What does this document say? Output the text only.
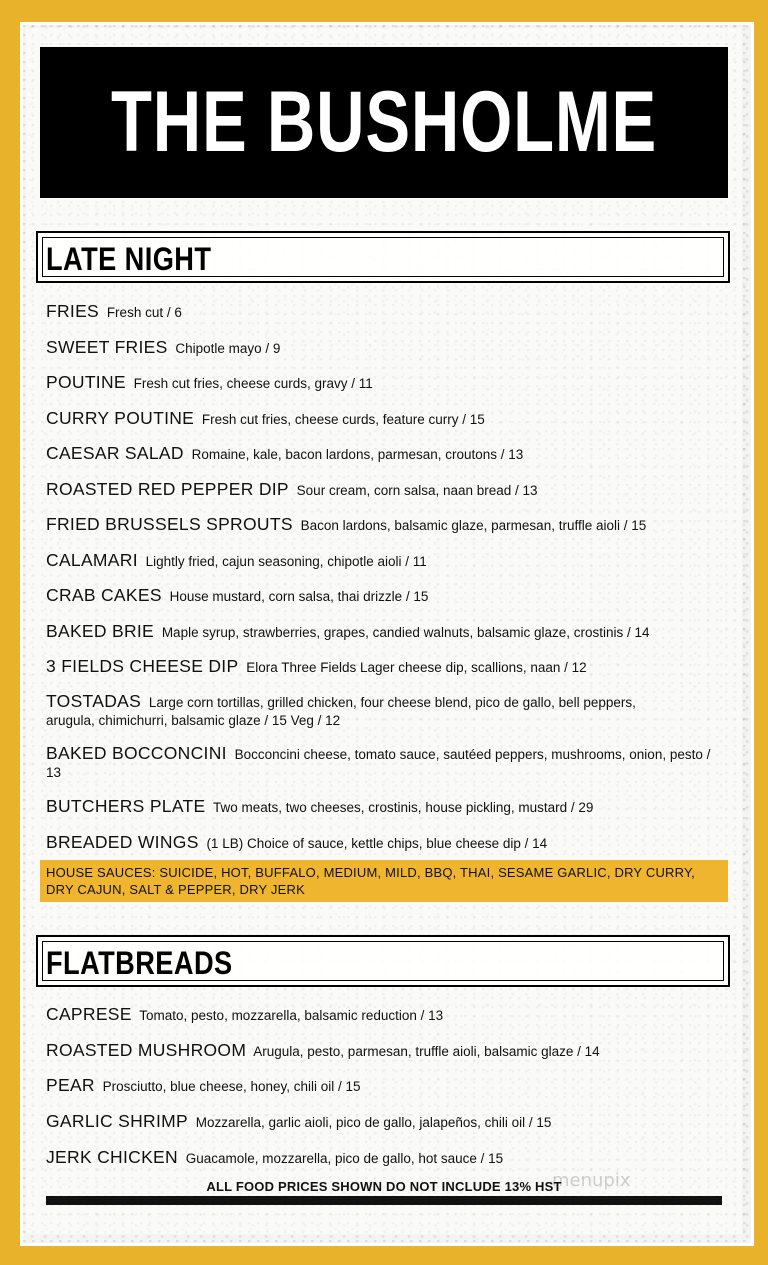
THE BUSHOLME
LATE NIGHT
FRIES Fresh cut / 6
SWEET FRIES Chipotle mayo / 9
POUTINE Fresh cut fries, cheese curds, gravy / 11
CURRY POUTINE Fresh cut fries, cheese curds, feature curry / 15
CAESAR SALAD Romaine, kale, bacon lardons, parmesan, croutons / 13
ROASTED RED PEPPER DIP Sour cream, corn salsa, naan bread / 13
FRIED BRUSSELS SPROUTS Bacon lardons, balsamic glaze, parmesan, truffle aioli / 15
CALAMARI Lightly fried, cajun seasoning, chipotle aioli / 11
CRAB CAKES House mustard, corn salsa, thai drizzle / 15
BAKED BRIE Maple syrup, strawberries, grapes, candied walnuts, balsamic glaze, crostinis / 14
3 FIELDS CHEESE DIP Elora Three Fields Lager cheese dip, scallions, naan / 12
TOSTADAS Large corn tortillas, grilled chicken, four cheese blend, pico de gallo, bell peppers, arugula, chimichurri, balsamic glaze / 15 Veg / 12
BAKED BOCCONCINI Bocconcini cheese, tomato sauce, sautéed peppers, mushrooms, onion, pesto / 13
BUTCHERS PLATE Two meats, two cheeses, crostinis, house pickling, mustard / 29
BREADED WINGS (1 LB) Choice of sauce, kettle chips, blue cheese dip / 14
HOUSE SAUCES: SUICIDE, HOT, BUFFALO, MEDIUM, MILD, BBQ, THAI, SESAME GARLIC, DRY CURRY, DRY CAJUN, SALT & PEPPER, DRY JERK
FLATBREADS
CAPRESE Tomato, pesto, mozzarella, balsamic reduction / 13
ROASTED MUSHROOM Arugula, pesto, parmesan, truffle aioli, balsamic glaze / 14
PEAR Prosciutto, blue cheese, honey, chili oil / 15
GARLIC SHRIMP Mozzarella, garlic aioli, pico de gallo, jalapeños, chili oil / 15
JERK CHICKEN Guacamole, mozzarella, pico de gallo, hot sauce / 15
ALL FOOD PRICES SHOWN DO NOT INCLUDE 13% HST
menupix
